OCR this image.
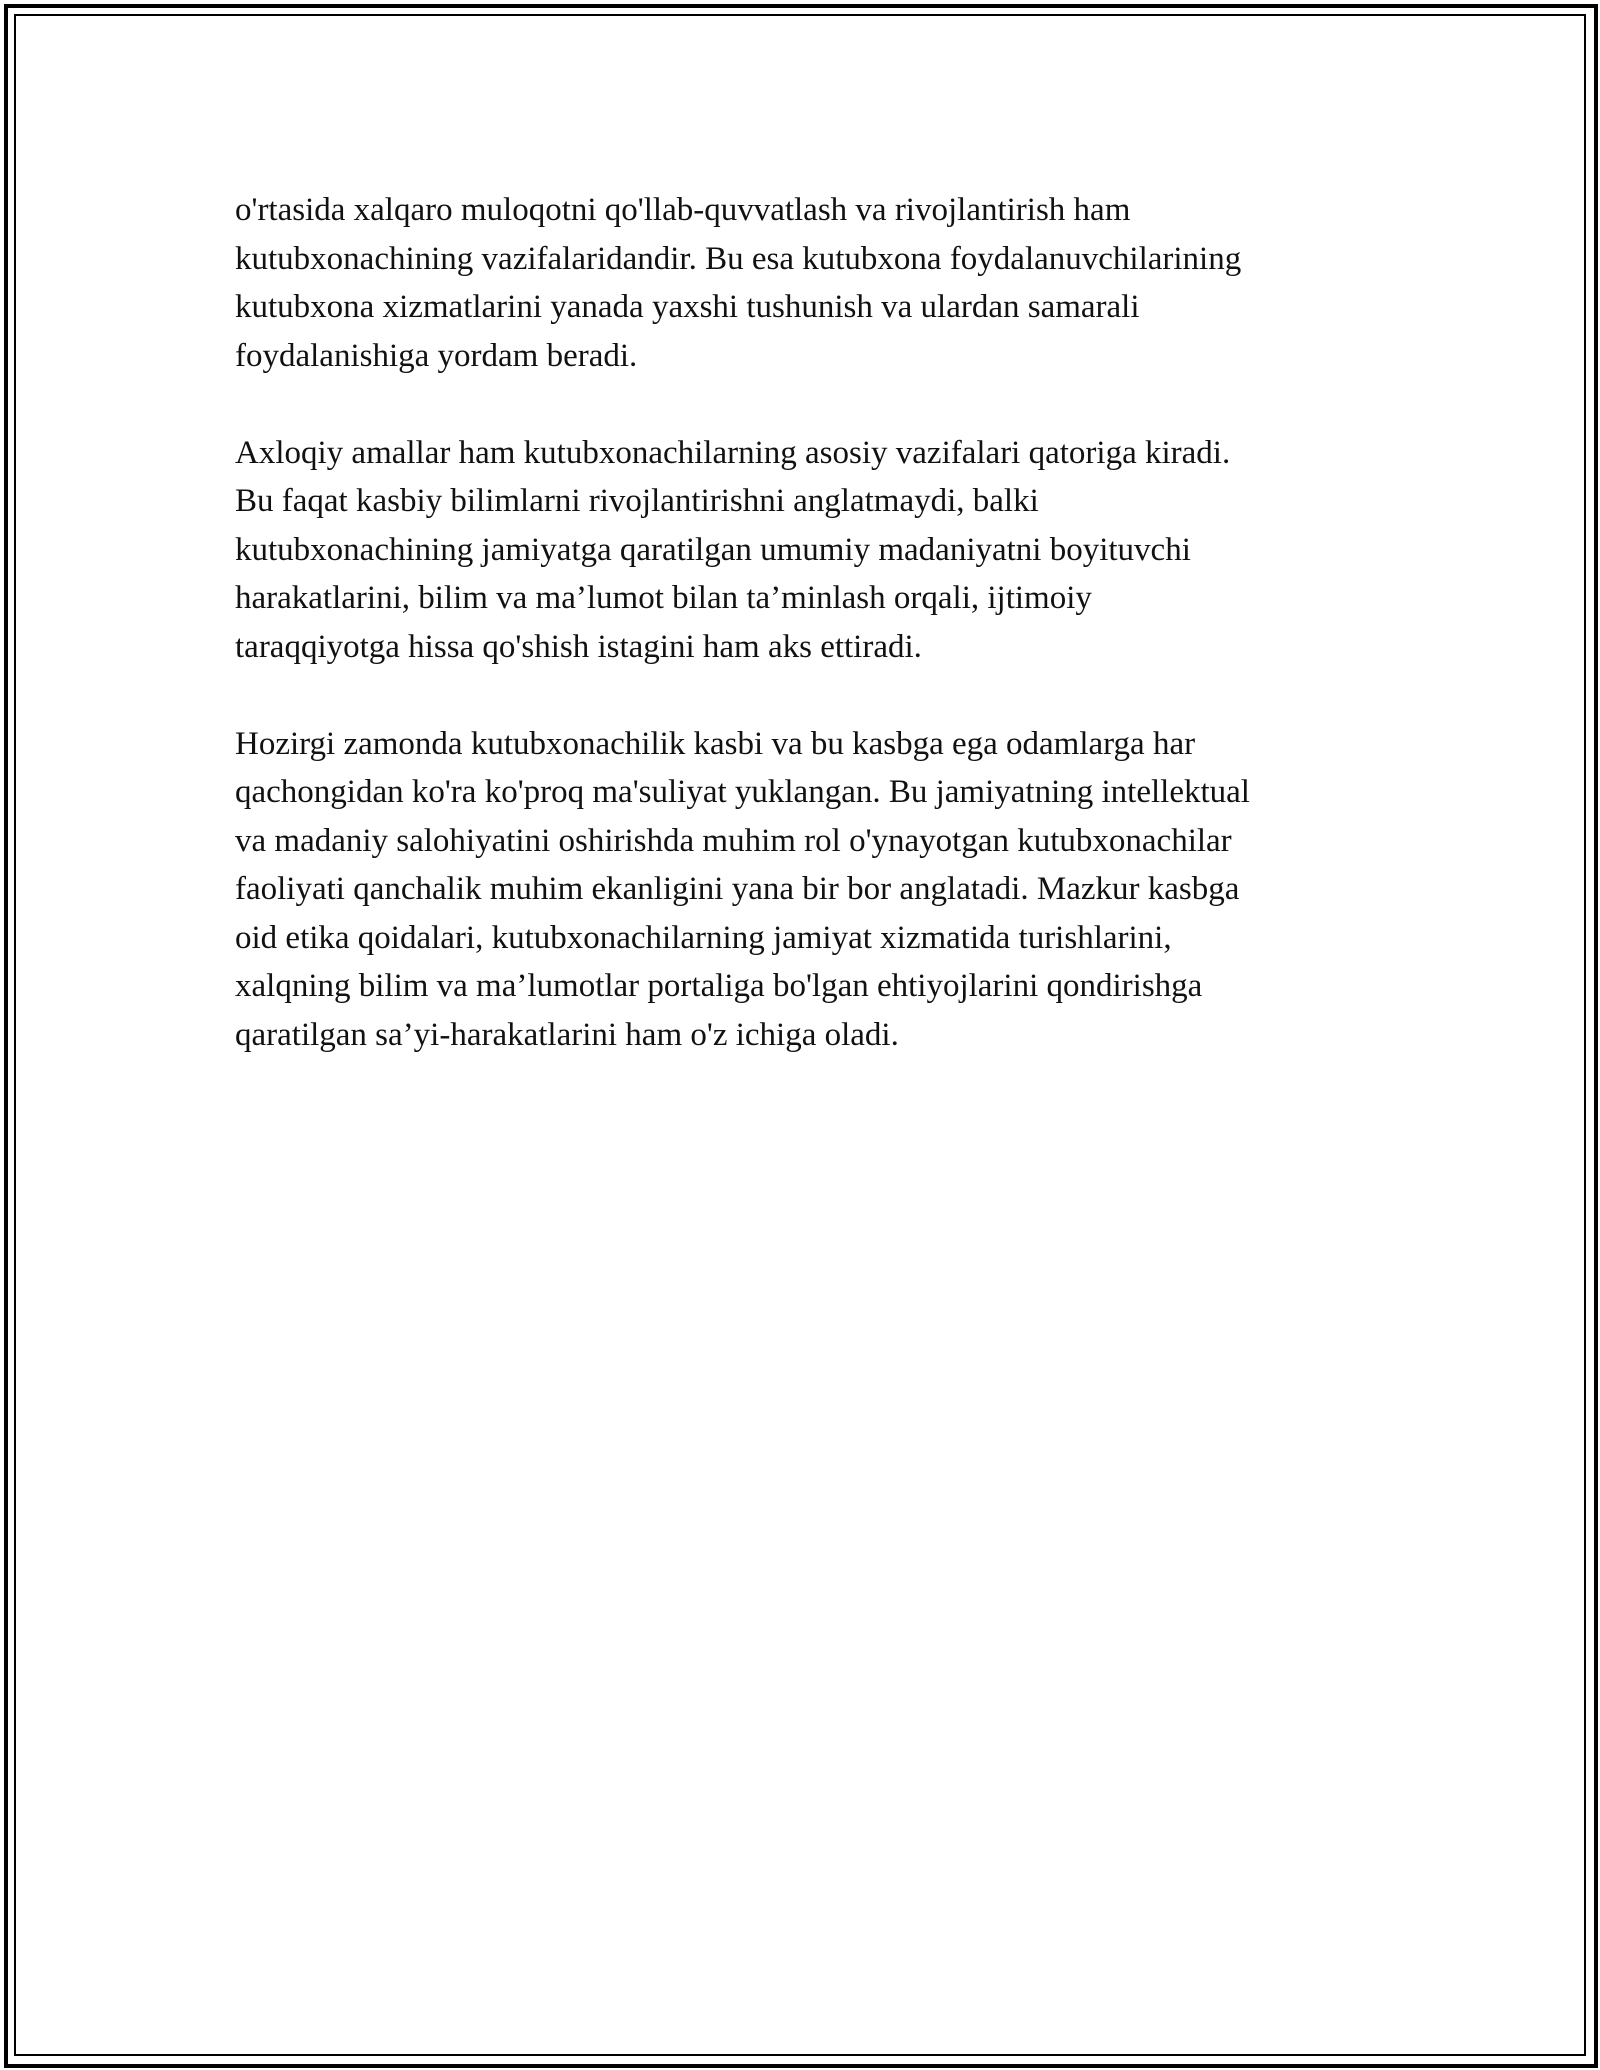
o'rtasida xalqaro muloqotni qo'llab-quvvatlash va rivojlantirish ham
kutubxonachining vazifalaridandir. Bu esa kutubxona foydalanuvchilarining
kutubxona xizmatlarini yanada yaxshi tushunish va ulardan samarali
foydalanishiga yordam beradi.

Axloqiy amallar ham kutubxonachilarning asosiy vazifalari qatoriga kiradi.
Bu faqat kasbiy bilimlarni rivojlantirishni anglatmaydi, balki
kutubxonachining jamiyatga qaratilgan umumiy madaniyatni boyituvchi
harakatlarini, bilim va ma’lumot bilan ta’minlash orqali, ijtimoiy
taraqqiyotga hissa qo'shish istagini ham aks ettiradi.

Hozirgi zamonda kutubxonachilik kasbi va bu kasbga ega odamlarga har
qachongidan ko'ra ko'proq ma'suliyat yuklangan. Bu jamiyatning intellektual
va madaniy salohiyatini oshirishda muhim rol o'ynayotgan kutubxonachilar
faoliyati qanchalik muhim ekanligini yana bir bor anglatadi. Mazkur kasbga
oid etika qoidalari, kutubxonachilarning jamiyat xizmatida turishlarini,
xalqning bilim va ma’lumotlar portaliga bo'lgan ehtiyojlarini qondirishga
qaratilgan sa’yi-harakatlarini ham o'z ichiga oladi.
